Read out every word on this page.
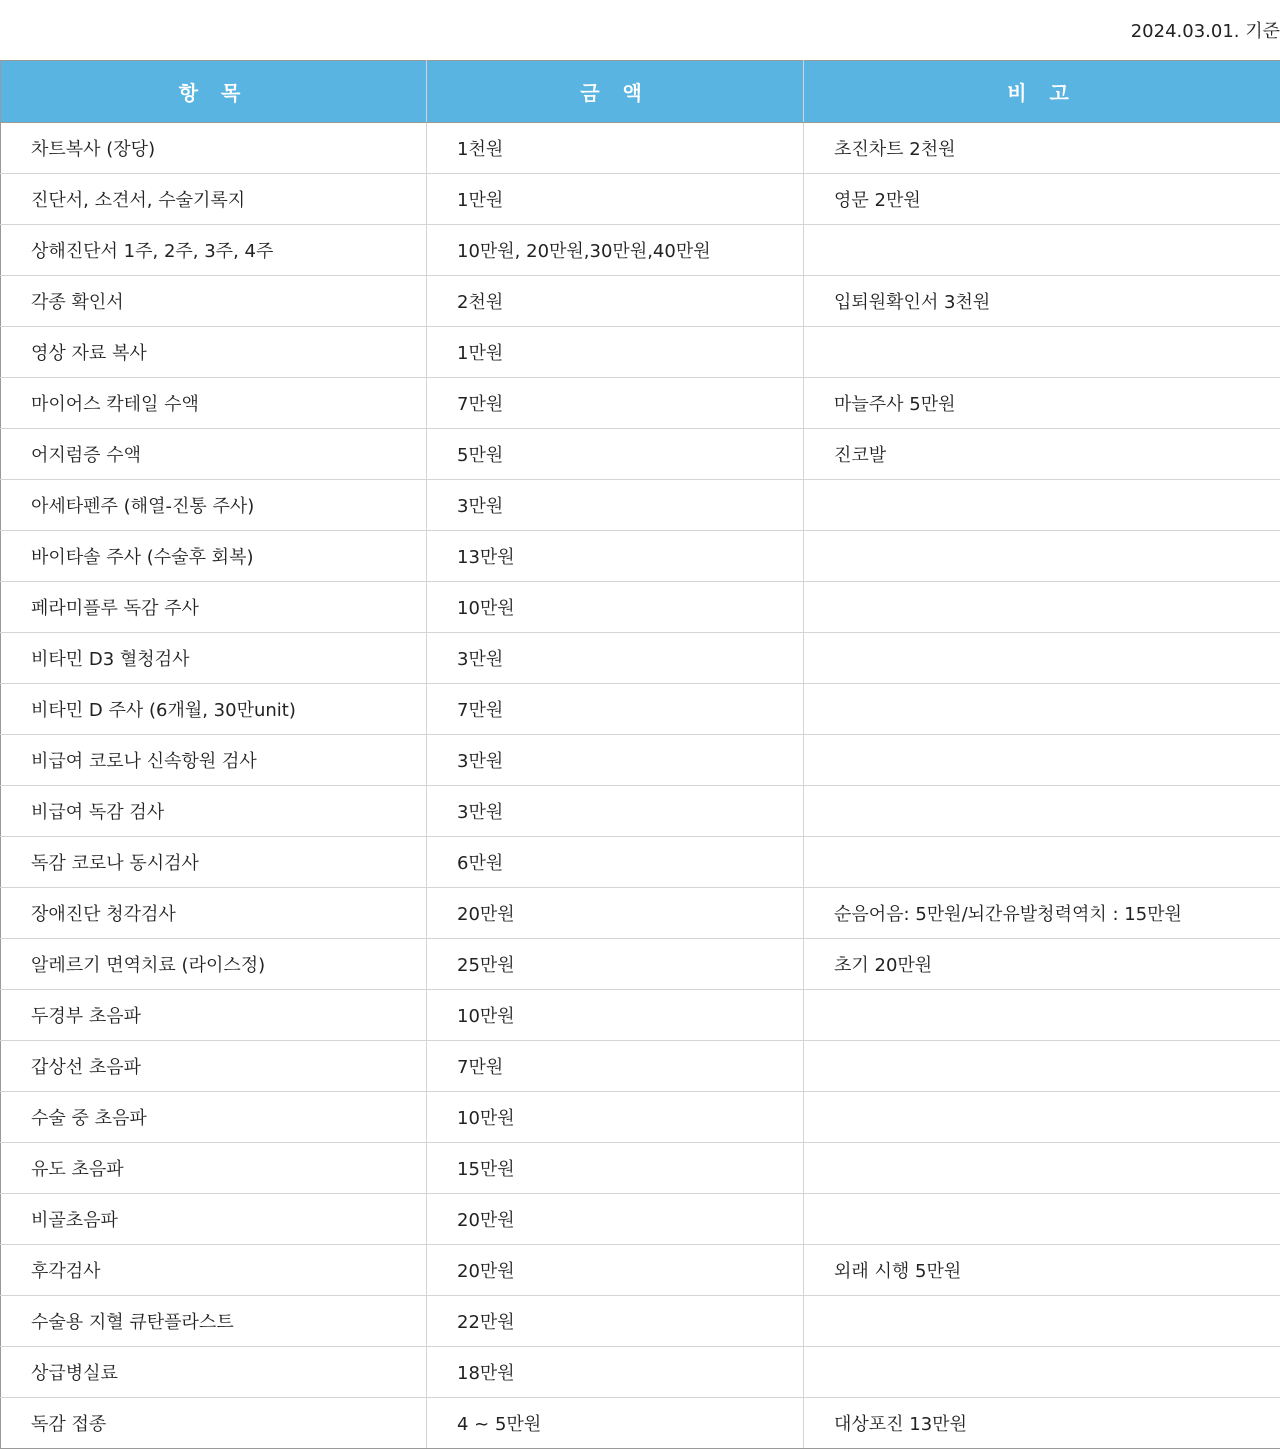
2024.03.01. 기준
항 목	금 액	비 고
차트복사 (장당)	1천원	초진차트 2천원
진단서, 소견서, 수술기록지	1만원	영문 2만원
상해진단서 1주, 2주, 3주, 4주	10만원, 20만원,30만원,40만원	
각종 확인서	2천원	입퇴원확인서 3천원
영상 자료 복사	1만원	
마이어스 칵테일 수액	7만원	마늘주사 5만원
어지럼증 수액	5만원	진코발
아세타펜주 (해열-진통 주사)	3만원	
바이타솔 주사 (수술후 회복)	13만원	
페라미플루 독감 주사	10만원	
비타민 D3 혈청검사	3만원	
비타민 D 주사 (6개월, 30만unit)	7만원	
비급여 코로나 신속항원 검사	3만원	
비급여 독감 검사	3만원	
독감 코로나 동시검사	6만원	
장애진단 청각검사	20만원	순음어음: 5만원/뇌간유발청력역치 : 15만원
알레르기 면역치료 (라이스정)	25만원	초기 20만원
두경부 초음파	10만원	
갑상선 초음파	7만원	
수술 중 초음파	10만원	
유도 초음파	15만원	
비골초음파	20만원	
후각검사	20만원	외래 시행 5만원
수술용 지혈 큐탄플라스트	22만원	
상급병실료	18만원	
독감 접종	4 ~ 5만원	대상포진 13만원
